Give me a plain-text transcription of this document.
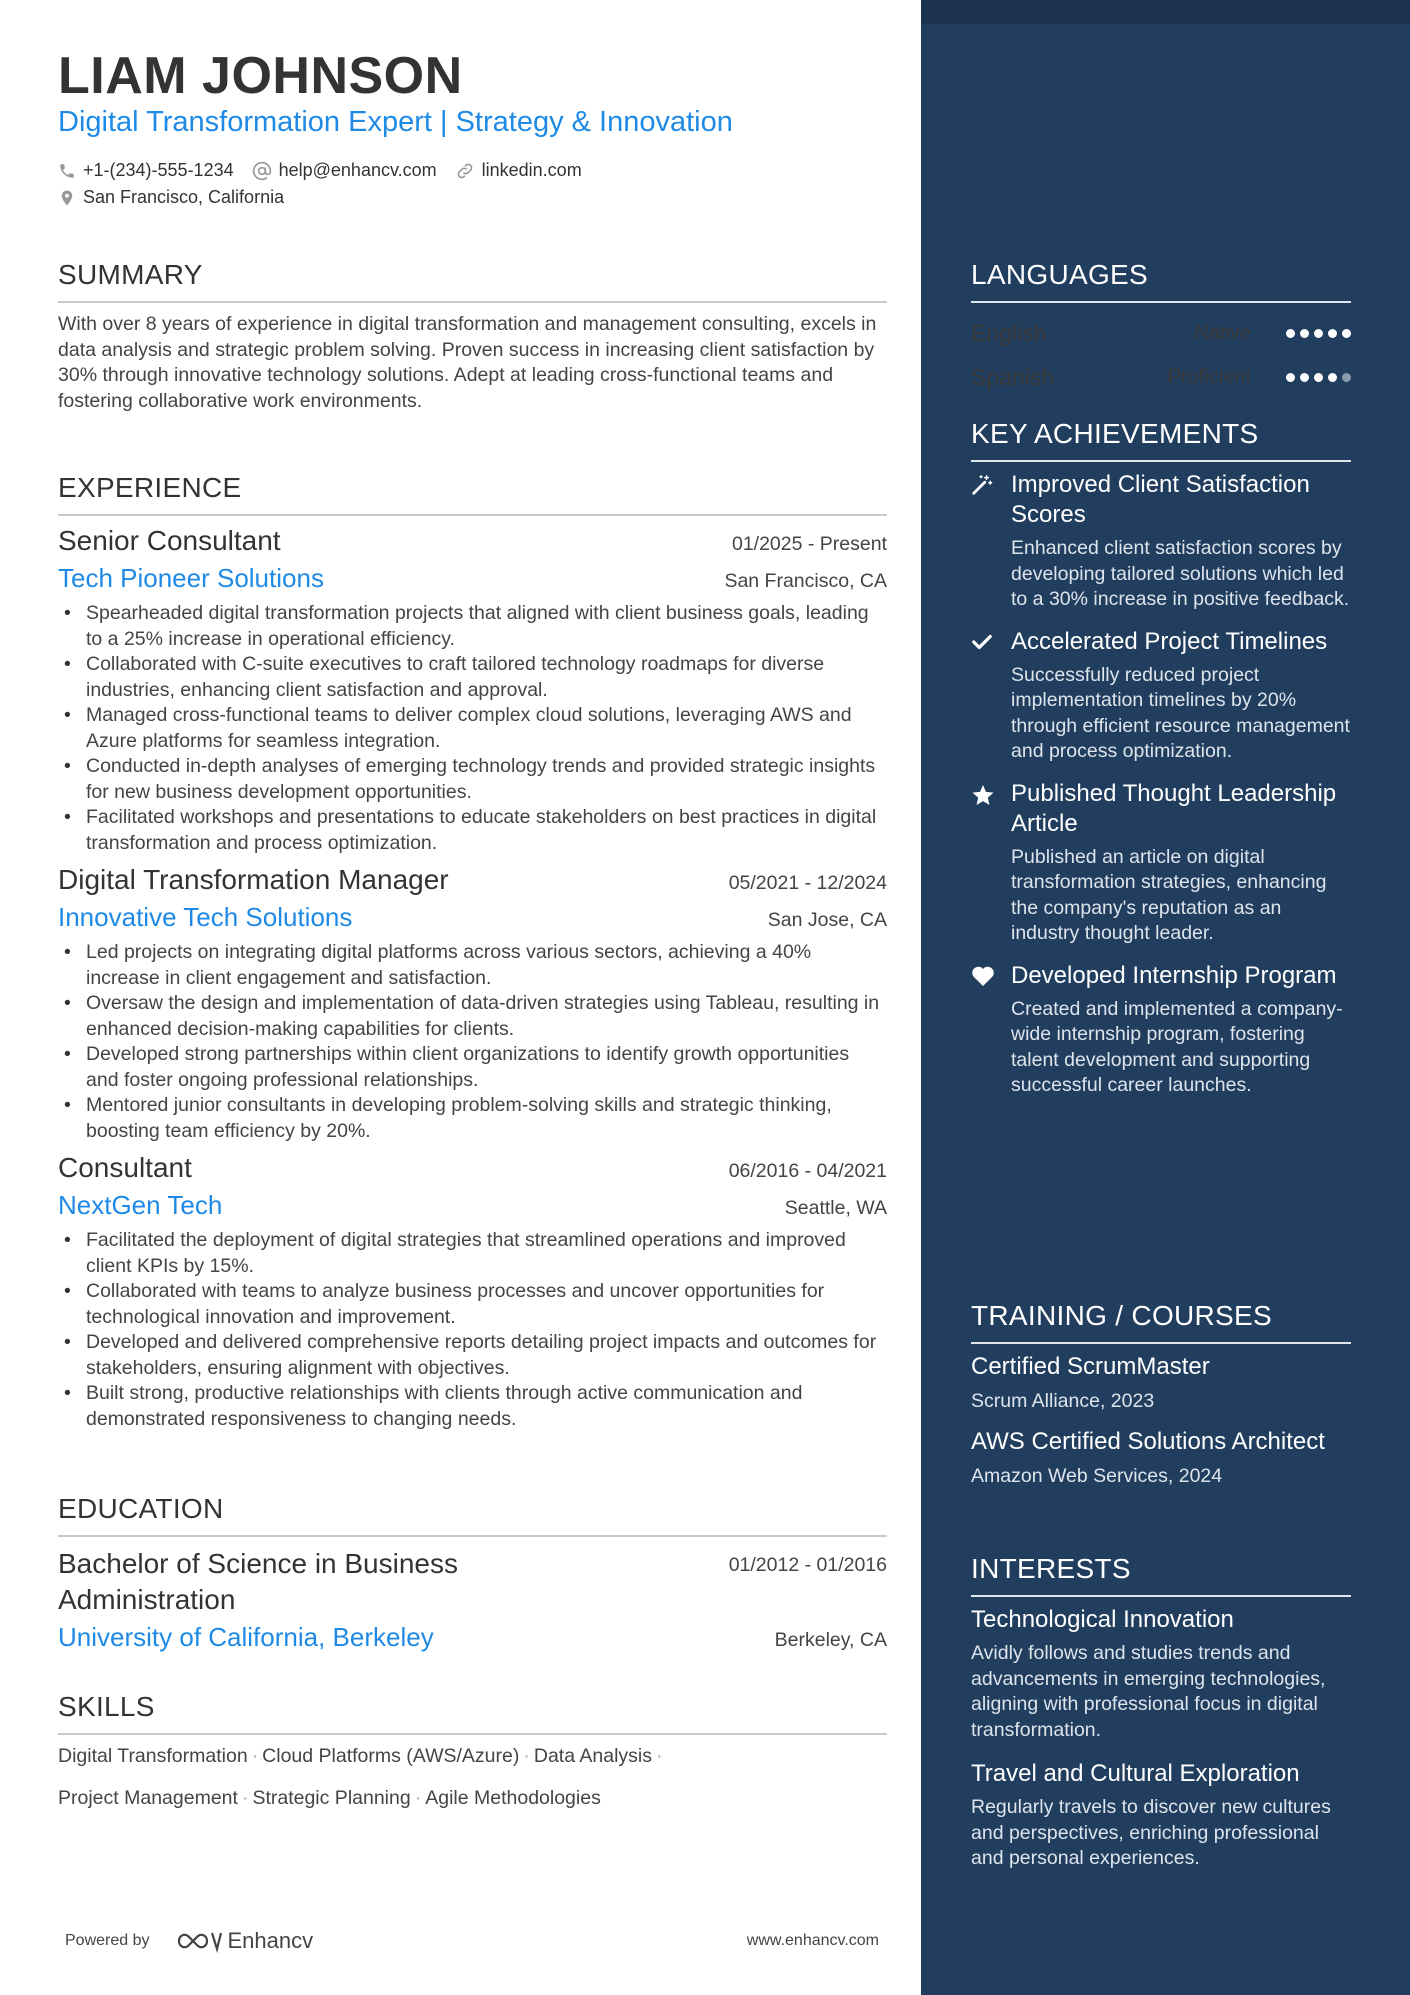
LIAM JOHNSON
Digital Transformation Expert | Strategy & Innovation
+1-(234)-555-1234	help@enhancv.com	linkedin.com
San Francisco, California
SUMMARY
With over 8 years of experience in digital transformation and management consulting, excels in data analysis and strategic problem solving. Proven success in increasing client satisfaction by 30% through innovative technology solutions. Adept at leading cross-functional teams and fostering collaborative work environments.
EXPERIENCE
Senior Consultant	01/2025 - Present
Tech Pioneer Solutions	San Francisco, CA
• Spearheaded digital transformation projects that aligned with client business goals, leading to a 25% increase in operational efficiency.
• Collaborated with C-suite executives to craft tailored technology roadmaps for diverse industries, enhancing client satisfaction and approval.
• Managed cross-functional teams to deliver complex cloud solutions, leveraging AWS and Azure platforms for seamless integration.
• Conducted in-depth analyses of emerging technology trends and provided strategic insights for new business development opportunities.
• Facilitated workshops and presentations to educate stakeholders on best practices in digital transformation and process optimization.
Digital Transformation Manager	05/2021 - 12/2024
Innovative Tech Solutions	San Jose, CA
• Led projects on integrating digital platforms across various sectors, achieving a 40% increase in client engagement and satisfaction.
• Oversaw the design and implementation of data-driven strategies using Tableau, resulting in enhanced decision-making capabilities for clients.
• Developed strong partnerships within client organizations to identify growth opportunities and foster ongoing professional relationships.
• Mentored junior consultants in developing problem-solving skills and strategic thinking, boosting team efficiency by 20%.
Consultant	06/2016 - 04/2021
NextGen Tech	Seattle, WA
• Facilitated the deployment of digital strategies that streamlined operations and improved client KPIs by 15%.
• Collaborated with teams to analyze business processes and uncover opportunities for technological innovation and improvement.
• Developed and delivered comprehensive reports detailing project impacts and outcomes for stakeholders, ensuring alignment with objectives.
• Built strong, productive relationships with clients through active communication and demonstrated responsiveness to changing needs.
EDUCATION
Bachelor of Science in Business
Administration
01/2012 - 01/2016
University of California, Berkeley	Berkeley, CA
SKILLS
Digital Transformation · Cloud Platforms (AWS/Azure) · Data Analysis ·
Project Management · Strategic Planning · Agile Methodologies
Powered by	Enhancv	www.enhancv.com
LANGUAGES
English	Native
Spanish	Proficient
KEY ACHIEVEMENTS
Improved Client Satisfaction Scores
Enhanced client satisfaction scores by developing tailored solutions which led to a 30% increase in positive feedback.
Accelerated Project Timelines
Successfully reduced project implementation timelines by 20% through efficient resource management and process optimization.
Published Thought Leadership Article
Published an article on digital transformation strategies, enhancing the company's reputation as an industry thought leader.
Developed Internship Program
Created and implemented a company-wide internship program, fostering talent development and supporting successful career launches.
TRAINING / COURSES
Certified ScrumMaster
Scrum Alliance, 2023
AWS Certified Solutions Architect
Amazon Web Services, 2024
INTERESTS
Technological Innovation
Avidly follows and studies trends and advancements in emerging technologies, aligning with professional focus in digital transformation.
Travel and Cultural Exploration
Regularly travels to discover new cultures and perspectives, enriching professional and personal experiences.
